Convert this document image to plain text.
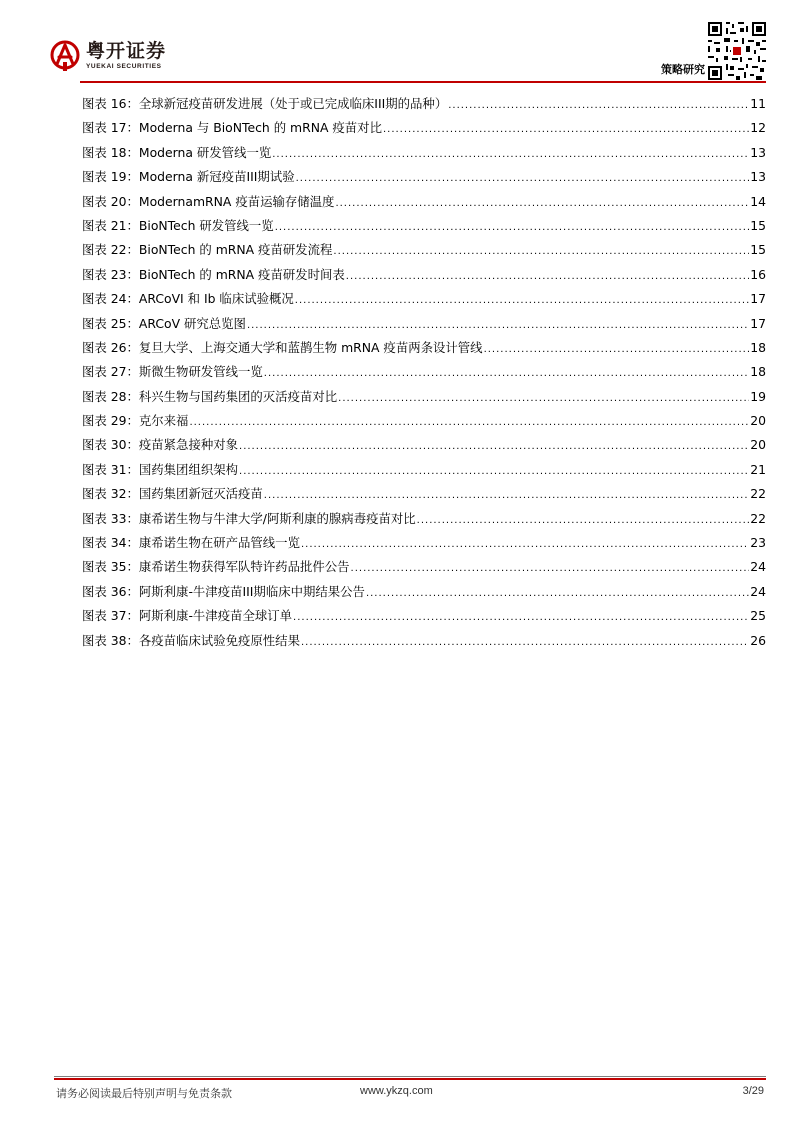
粤开证券
YUEKAI SECURITIES	策略研究
图表 16：全球新冠疫苗研发进展（处于或已完成临床III期的品种） .....	11
图表 17：Moderna 与 BioNTech 的 mRNA 疫苗对比 .....	12
图表 18：Moderna 研发管线一览 .....	13
图表 19：Moderna 新冠疫苗III期试验 .....	13
图表 20：ModernamRNA 疫苗运输存储温度 .....	14
图表 21：BioNTech 研发管线一览 .....	15
图表 22：BioNTech 的 mRNA 疫苗研发流程 .....	15
图表 23：BioNTech 的 mRNA 疫苗研发时间表 .....	16
图表 24：ARCoVI 和 Ib 临床试验概况 .....	17
图表 25：ARCoV 研究总览图 .....	17
图表 26：复旦大学、上海交通大学和蓝鹊生物 mRNA 疫苗两条设计管线 .....	18
图表 27：斯微生物研发管线一览 .....	18
图表 28：科兴生物与国药集团的灭活疫苗对比 .....	19
图表 29：克尔来福 .....	20
图表 30：疫苗紧急接种对象 .....	20
图表 31：国药集团组织架构 .....	21
图表 32：国药集团新冠灭活疫苗 .....	22
图表 33：康希诺生物与牛津大学/阿斯利康的腺病毒疫苗对比 .....	22
图表 34：康希诺生物在研产品管线一览 .....	23
图表 35：康希诺生物获得军队特许药品批件公告 .....	24
图表 36：阿斯利康-牛津疫苗III期临床中期结果公告 .....	24
图表 37：阿斯利康-牛津疫苗全球订单 .....	25
图表 38：各疫苗临床试验免疫原性结果 .....	26
请务必阅读最后特别声明与免责条款	www.ykzq.com	3/29
